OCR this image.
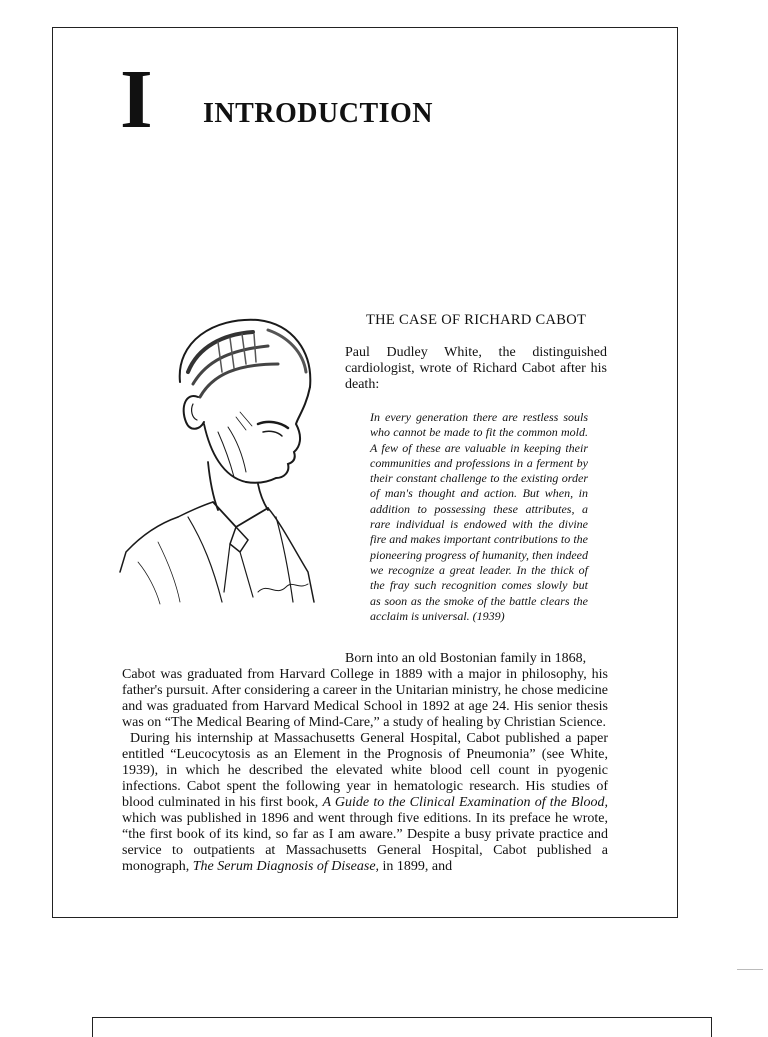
I INTRODUCTION
THE CASE OF RICHARD CABOT

Paul Dudley White, the distinguished cardiologist, wrote of Richard Cabot after his death:

In every generation there are restless souls who cannot be made to fit the common mold. A few of these are valuable in keeping their communities and professions in a ferment by their constant challenge to the existing order of man's thought and action. But when, in addition to possessing these attributes, a rare individual is endowed with the divine fire and makes important contributions to the pioneering progress of humanity, then indeed we recognize a great leader. In the thick of the fray such recognition comes slowly but as soon as the smoke of the battle clears the acclaim is universal. (1939)

Born into an old Bostonian family in 1868,

Cabot was graduated from Harvard College in 1889 with a major in philosophy, his father's pursuit. After considering a career in the Unitarian ministry, he chose medicine and was graduated from Harvard Medical School in 1892 at age 24. His senior thesis was on “The Medical Bearing of Mind-Care,” a study of healing by Christian Science.

During his internship at Massachusetts General Hospital, Cabot published a paper entitled “Leucocytosis as an Element in the Prognosis of Pneumonia” (see White, 1939), in which he described the elevated white blood cell count in pyogenic infections. Cabot spent the following year in hematologic research. His studies of blood culminated in his first book, A Guide to the Clinical Examination of the Blood, which was published in 1896 and went through five editions. In its preface he wrote, “the first book of its kind, so far as I am aware.” Despite a busy private practice and service to outpatients at Massachusetts General Hospital, Cabot published a monograph, The Serum Diagnosis of Disease, in 1899, and
